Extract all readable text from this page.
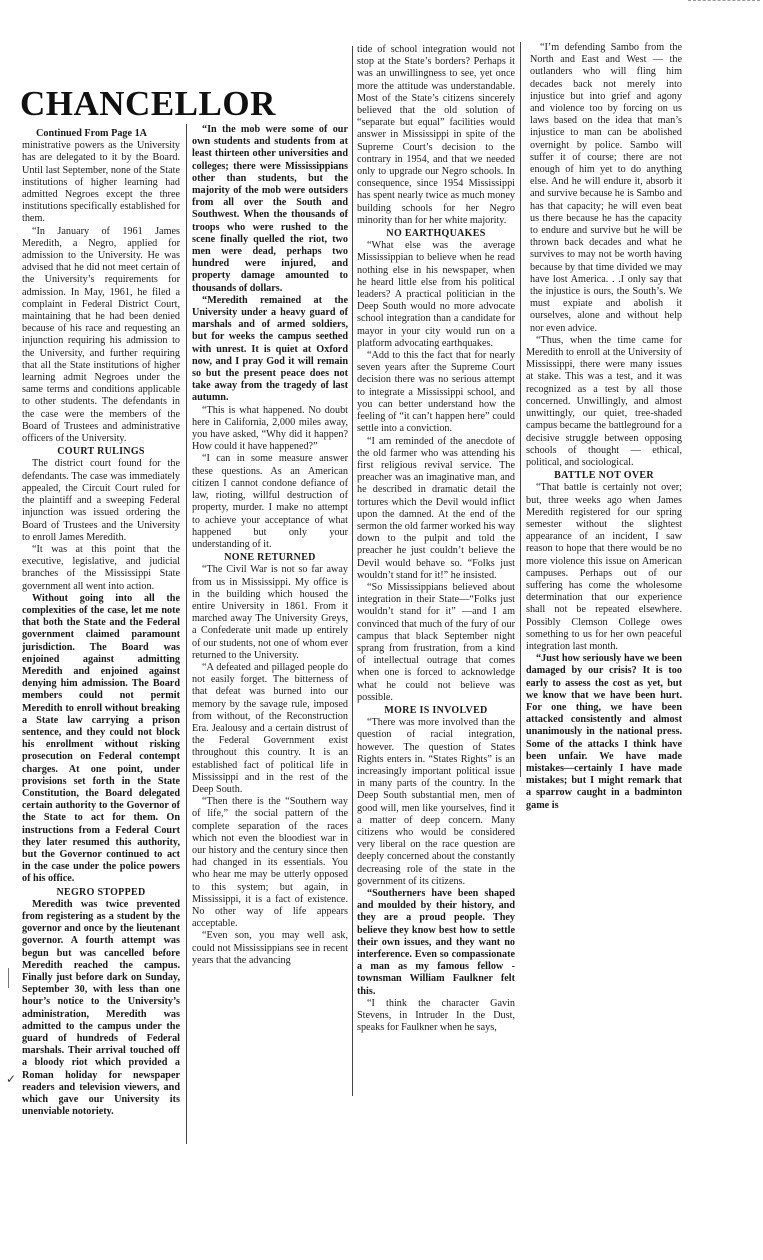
CHANCELLOR

Continued From Page 1A

ministrative powers as the University has are delegated to it by the Board. Until last September, none of the State institutions of higher learning had admitted Negroes except the three institutions specifically established for them.

“In January of 1961 James Meredith, a Negro, applied for admission to the University. He was advised that he did not meet certain of the University’s requirements for admission. In May, 1961, he filed a complaint in Federal District Court, maintaining that he had been denied because of his race and requesting an injunction requiring his admission to the University, and further requiring that all the State institutions of higher learning admit Negroes under the same terms and conditions applicable to other students. The defendants in the case were the members of the Board of Trustees and administrative officers of the University.

COURT RULINGS

The district court found for the defendants. The case was immediately appealed, the Circuit Court ruled for the plaintiff and a sweeping Federal injunction was issued ordering the Board of Trustees and the University to enroll James Meredith.

“It was at this point that the executive, legislative, and judicial branches of the Mississippi State government all went into action.

Without going into all the complexities of the case, let me note that both the State and the Federal government claimed paramount jurisdiction. The Board was enjoined against admitting Meredith and enjoined against denying him admission. The Board members could not permit Meredith to enroll without breaking a State law carrying a prison sentence, and they could not block his enrollment without risking prosecution on Federal contempt charges. At one point, under provisions set forth in the State Constitution, the Board delegated certain authority to the Governor of the State to act for them. On instructions from a Federal Court they later resumed this authority, but the Governor continued to act in the case under the police powers of his office.

NEGRO STOPPED

Meredith was twice prevented from registering as a student by the governor and once by the lieutenant governor. A fourth attempt was begun but was cancelled before Meredith reached the campus. Finally just before dark on Sunday, September 30, with less than one hour’s notice to the University’s administration, Meredith was admitted to the campus under the guard of hundreds of Federal marshals. Their arrival touched off a bloody riot which provided a Roman holiday for newspaper readers and television viewers, and which gave our University its unenviable notoriety.

“In the mob were some of our own students and students from at least thirteen other universities and colleges; there were Mississippians other than students, but the majority of the mob were outsiders from all over the South and Southwest. When the thousands of troops who were rushed to the scene finally quelled the riot, two men were dead, perhaps two hundred were injured, and property damage amounted to thousands of dollars.

“Meredith remained at the University under a heavy guard of marshals and of armed soldiers, but for weeks the campus seethed with unrest. It is quiet at Oxford now, and I pray God it will remain so but the present peace does not take away from the tragedy of last autumn.

“This is what happened. No doubt here in California, 2,000 miles away, you have asked, “Why did it happen? How could it have happened?”

“I can in some measure answer these questions. As an American citizen I cannot condone defiance of law, rioting, willful destruction of property, murder. I make no attempt to achieve your acceptance of what happened but only your understanding of it.

NONE RETURNED

“The Civil War is not so far away from us in Mississippi. My office is in the building which housed the entire University in 1861. From it marched away The University Greys, a Confederate unit made up entirely of our students, not one of whom ever returned to the University.

“A defeated and pillaged people do not easily forget. The bitterness of that defeat was burned into our memory by the savage rule, imposed from without, of the Reconstruction Era. Jealousy and a certain distrust of the Federal Government exist throughout this country. It is an established fact of political life in Mississippi and in the rest of the Deep South.

“Then there is the “Southern way of life,” the social pattern of the complete separation of the races which not even the bloodiest war in our history and the century since then had changed in its essentials. You who hear me may be utterly opposed to this system; but again, in Mississippi, it is a fact of existence. No other way of life appears acceptable.

“Even son, you may well ask, could not Mississippians see in recent years that the advancing

tide of school integration would not stop at the State’s borders? Perhaps it was an unwillingness to see, yet once more the attitude was understandable. Most of the State’s citizens sincerely believed that the old solution of “separate but equal” facilities would answer in Mississippi in spite of the Supreme Court’s decision to the contrary in 1954, and that we needed only to upgrade our Negro schools. In consequence, since 1954 Mississippi has spent nearly twice as much money building schools for her Negro minority than for her white majority.

NO EARTHQUAKES

“What else was the average Mississippian to believe when he read nothing else in his newspaper, when he heard little else from his political leaders? A practical politician in the Deep South would no more advocate school integration than a candidate for mayor in your city would run on a platform advocating earthquakes.

“Add to this the fact that for nearly seven years after the Supreme Court decision there was no serious attempt to integrate a Mississippi school, and you can better understand how the feeling of “it can’t happen here” could settle into a conviction.

“I am reminded of the anecdote of the old farmer who was attending his first religious revival service. The preacher was an imaginative man, and he described in dramatic detail the tortures which the Devil would inflict upon the damned. At the end of the sermon the old farmer worked his way down to the pulpit and told the preacher he just couldn’t believe the Devil would behave so. “Folks just wouldn’t stand for it!” he insisted.

“So Mississippians believed about integration in their State—“Folks just wouldn’t stand for it” —and I am convinced that much of the fury of our campus that black September night sprang from frustration, from a kind of intellectual outrage that comes when one is forced to acknowledge what he could not believe was possible.

MORE IS INVOLVED

“There was more involved than the question of racial integration, however. The question of States Rights enters in. “States Rights” is an increasingly important political issue in many parts of the country. In the Deep South substantial men, men of good will, men like yourselves, find it a matter of deep concern. Many citizens who would be considered very liberal on the race question are deeply concerned about the constantly decreasing role of the state in the government of its citizens.

“Southerners have been shaped and moulded by their history, and they are a proud people. They believe they know best how to settle their own issues, and they want no interference. Even so compassionate a man as my famous fellow - townsman William Faulkner felt this.

“I think the character Gavin Stevens, in Intruder In the Dust, speaks for Faulkner when he says,

“I’m defending Sambo from the North and East and West — the outlanders who will fling him decades back not merely into injustice but into grief and agony and violence too by forcing on us laws based on the idea that man’s injustice to man can be abolished overnight by police. Sambo will suffer it of course; there are not enough of him yet to do anything else. And he will endure it, absorb it and survive because he is Sambo and has that capacity; he will even beat us there because he has the capacity to endure and survive but he will be thrown back decades and what he survives to may not be worth having because by that time divided we may have lost America. . .I only say that the injustice is ours, the South’s. We must expiate and abolish it ourselves, alone and without help nor even advice.

“Thus, when the time came for Meredith to enroll at the University of Mississippi, there were many issues at stake. This was a test, and it was recognized as a test by all those concerned. Unwillingly, and almost unwittingly, our quiet, tree-shaded campus became the battleground for a decisive struggle between opposing schools of thought — ethical, political, and sociological.

BATTLE NOT OVER

“That battle is certainly not over; but, three weeks ago when James Meredith registered for our spring semester without the slightest appearance of an incident, I saw reason to hope that there would be no more violence this issue on American campuses. Perhaps out of our suffering has come the wholesome determination that our experience shall not be repeated elsewhere. Possibly Clemson College owes something to us for her own peaceful integration last month.

“Just how seriously have we been damaged by our crisis? It is too early to assess the cost as yet, but we know that we have been hurt. For one thing, we have been attacked consistently and almost unanimously in the national press. Some of the attacks I think have been unfair. We have made mistakes—certainly I have made mistakes; but I might remark that a sparrow caught in a badminton game is

✓
